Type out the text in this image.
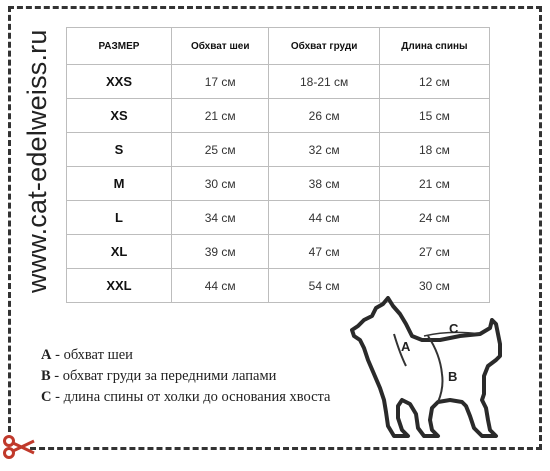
www.cat-edelweiss.ru	РАЗМЕР	Обхват шеи	Обхват груди	Длина спины
XXS	17 см	18-21 см	12 см
XS	21 см	26 см	15 см
S	25 см	32 см	18 см
M	30 см	38 см	21 см
L	34 см	44 см	24 см
XL	39 см	47 см	27 см
XXL	44 см	54 см	30 см
A - обхват шеи
B - обхват груди за передними лапами
C - длина спины от холки до основания хвоста
A
B
C
